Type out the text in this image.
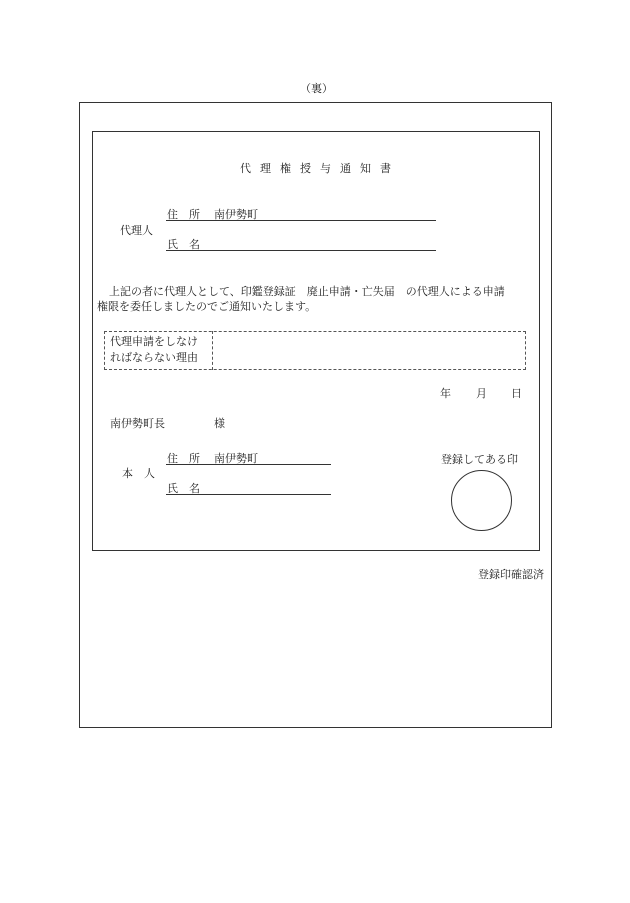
（裏）
代理権授与通知書
代理人
住　所 南伊勢町
氏　名
上記の者に代理人として、印鑑登録証　廃止申請・亡失届　の代理人による申請
権限を委任しましたのでご通知いたします。
代理申請をしなけ
ればならない理由
年 月 日
南伊勢町長	様
本　人
住　所 南伊勢町
氏　名
登録してある印
登録印確認済
